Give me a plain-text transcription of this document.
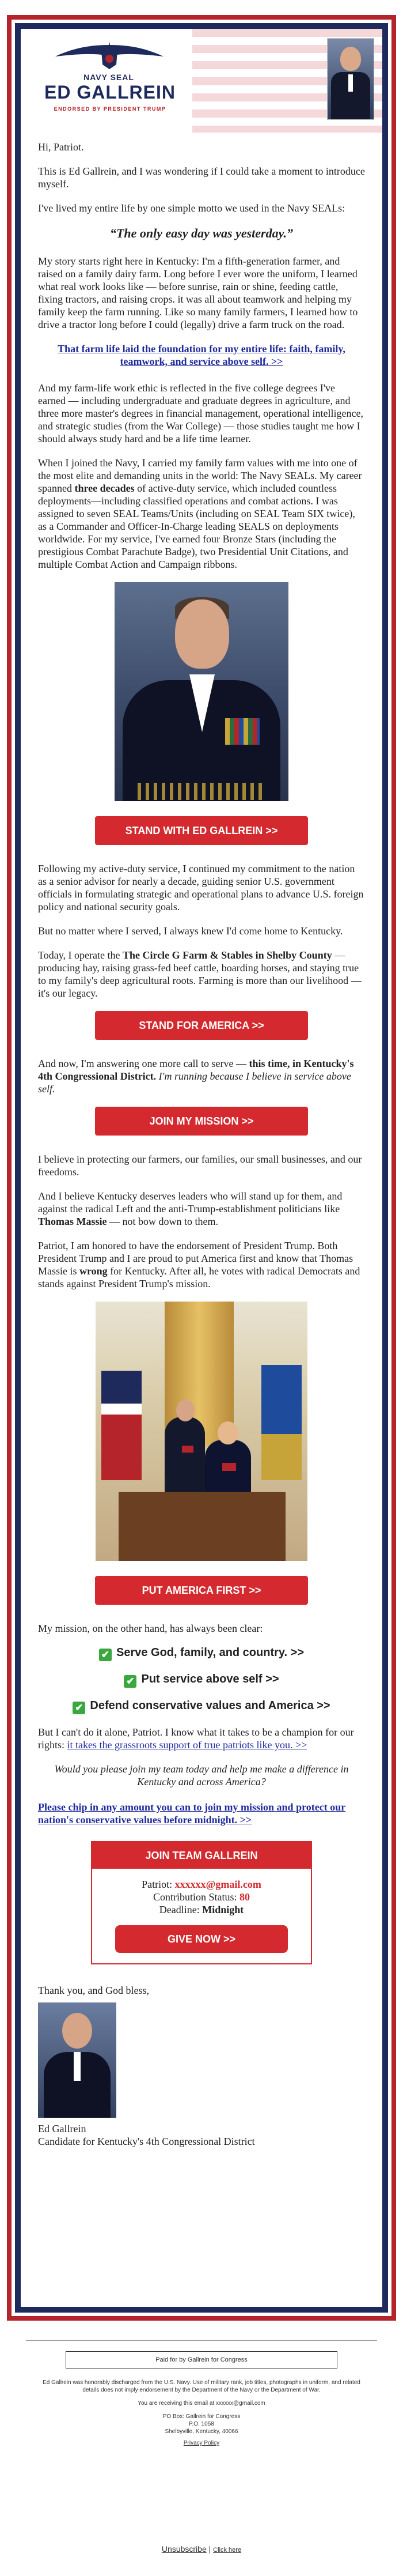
NAVY SEAL
ED GALLREIN
ENDORSED BY PRESIDENT TRUMP

Hi, Patriot.

This is Ed Gallrein, and I was wondering if I could take a moment to introduce myself.

I've lived my entire life by one simple motto we used in the Navy SEALs:

“The only easy day was yesterday.”

My story starts right here in Kentucky: I'm a fifth-generation farmer, and raised on a family dairy farm. Long before I ever wore the uniform, I learned what real work looks like — before sunrise, rain or shine, feeding cattle, fixing tractors, and raising crops. it was all about teamwork and helping my family keep the farm running. Like so many family farmers, I learned how to drive a tractor long before I could (legally) drive a farm truck on the road.

That farm life laid the foundation for my entire life: faith, family, teamwork, and service above self. >>

And my farm-life work ethic is reflected in the five college degrees I've earned — including undergraduate and graduate degrees in agriculture, and three more master's degrees in financial management, operational intelligence, and strategic studies (from the War College) — those studies taught me how I should always study hard and be a life time learner.

When I joined the Navy, I carried my family farm values with me into one of the most elite and demanding units in the world: The Navy SEALs. My career spanned three decades of active-duty service, which included countless deployments—including classified operations and combat actions. I was assigned to seven SEAL Teams/Units (including on SEAL Team SIX twice), as a Commander and Officer-In-Charge leading SEALS on deployments worldwide. For my service, I've earned four Bronze Stars (including the prestigious Combat Parachute Badge), two Presidential Unit Citations, and multiple Combat Action and Campaign ribbons.

STAND WITH ED GALLREIN >>

Following my active-duty service, I continued my commitment to the nation as a senior advisor for nearly a decade, guiding senior U.S. government officials in formulating strategic and operational plans to advance U.S. foreign policy and national security goals.

But no matter where I served, I always knew I'd come home to Kentucky.

Today, I operate the The Circle G Farm & Stables in Shelby County — producing hay, raising grass-fed beef cattle, boarding horses, and staying true to my family's deep agricultural roots. Farming is more than our livelihood — it's our legacy.

STAND FOR AMERICA >>

And now, I'm answering one more call to serve — this time, in Kentucky's 4th Congressional District. I'm running because I believe in service above self.

JOIN MY MISSION >>

I believe in protecting our farmers, our families, our small businesses, and our freedoms.

And I believe Kentucky deserves leaders who will stand up for them, and against the radical Left and the anti-Trump-establishment politicians like Thomas Massie — not bow down to them.

Patriot, I am honored to have the endorsement of President Trump. Both President Trump and I are proud to put America first and know that Thomas Massie is wrong for Kentucky. After all, he votes with radical Democrats and stands against President Trump's mission.

PUT AMERICA FIRST >>

My mission, on the other hand, has always been clear:

✔ Serve God, family, and country. >>
✔ Put service above self >>
✔ Defend conservative values and America >>

But I can't do it alone, Patriot. I know what it takes to be a champion for our rights: it takes the grassroots support of true patriots like you. >>

Would you please join my team today and help me make a difference in Kentucky and across America?
Please chip in any amount you can to join my mission and protect our nation's conservative values before midnight. >>
JOIN TEAM GALLREIN
Patriot: xxxxxx@gmail.com
Contribution Status: 80
Deadline: Midnight
GIVE NOW >>

Thank you, and God bless,

Ed Gallrein
Candidate for Kentucky's 4th Congressional District
Paid for by Gallrein for Congress

Ed Gallrein was honorably discharged from the U.S. Navy. Use of military rank, job titles, photographs in uniform, and related details does not imply endorsement by the Department of the Navy or the Department of War.

You are receiving this email at xxxxxx@gmail.com

PO Box: Gallrein for Congress
P.O. 1058
Shelbyville, Kentucky, 40066
Privacy Policy
Unsubscribe | Click here
